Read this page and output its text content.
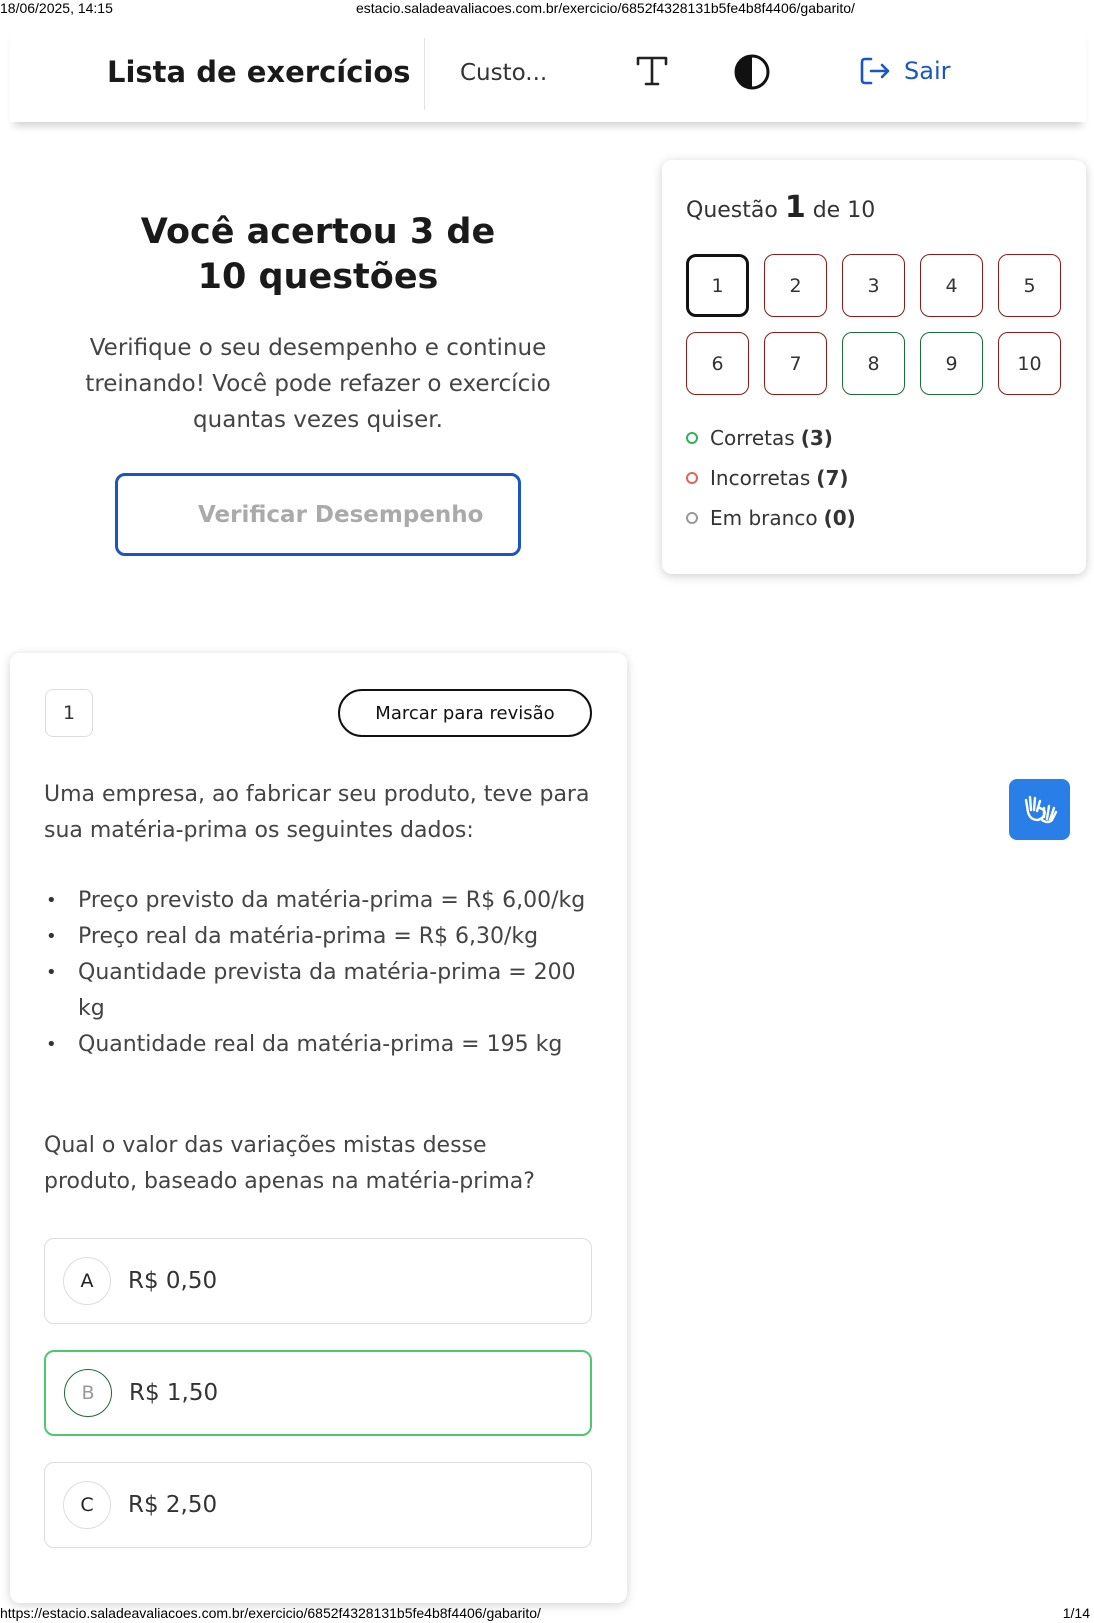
18/06/2025, 14:15	estacio.saladeavaliacoes.com.br/exercicio/6852f4328131b5fe4b8f4406/gabarito/
Lista de exercícios Custo...	Sair
Você acertou 3 de 10 questões

Verifique o seu desempenho e continue treinando! Você pode refazer o exercício quantas vezes quiser.

Verificar Desempenho
Questão 1 de 10
1	2	3	4	5
6	7	8	9	10
Corretas (3)
Incorretas (7)
Em branco (0)
1	Marcar para revisão
Uma empresa, ao fabricar seu produto, teve para sua matéria-prima os seguintes dados:
• Preço previsto da matéria-prima = R$ 6,00/kg
• Preço real da matéria-prima = R$ 6,30/kg
• Quantidade prevista da matéria-prima = 200 kg
• Quantidade real da matéria-prima = 195 kg
Qual o valor das variações mistas desse produto, baseado apenas na matéria-prima?
A	R$ 0,50
B	R$ 1,50
C	R$ 2,50
https://estacio.saladeavaliacoes.com.br/exercicio/6852f4328131b5fe4b8f4406/gabarito/	1/14
